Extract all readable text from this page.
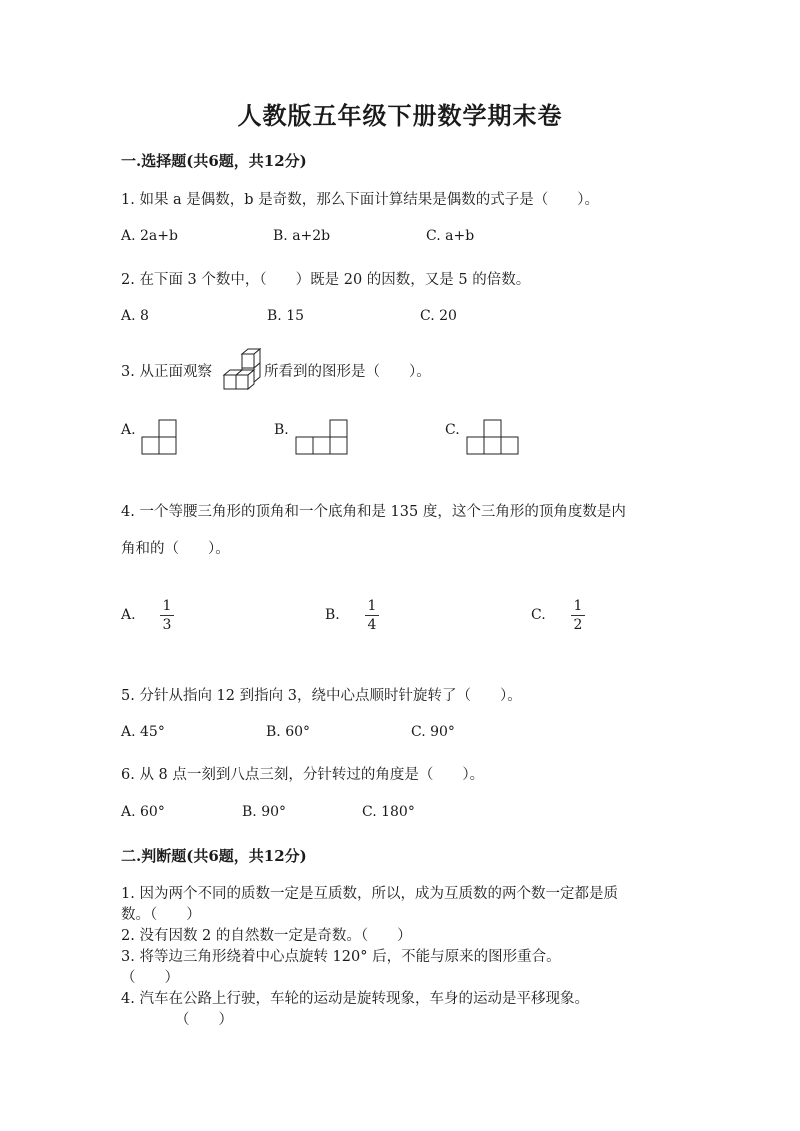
人教版五年级下册数学期末卷
一.选择题(共6题，共12分)
1. 如果 a 是偶数，b 是奇数，那么下面计算结果是偶数的式子是（　　）。
A. 2a+b	B. a+2b	C. a+b
2. 在下面 3 个数中，（　　）既是 20 的因数，又是 5 的倍数。
A. 8	B. 15	C. 20
3. 从正面观察	所看到的图形是（　　）。
A.	B.	C.
4. 一个等腰三角形的顶角和一个底角和是 135 度，这个三角形的顶角度数是内
角和的（　　）。
A.
1
3
B.
1
4
C.
1
2
5. 分针从指向 12 到指向 3，绕中心点顺时针旋转了（　　）。
A. 45°	B. 60°	C. 90°
6. 从 8 点一刻到八点三刻，分针转过的角度是（　　）。
A. 60°	B. 90°	C. 180°
二.判断题(共6题，共12分)
1. 因为两个不同的质数一定是互质数，所以，成为互质数的两个数一定都是质
数。（　　）
2. 没有因数 2 的自然数一定是奇数。（　　）
3. 将等边三角形绕着中心点旋转 120° 后，不能与原来的图形重合。
（　　）
4. 汽车在公路上行驶，车轮的运动是旋转现象，车身的运动是平移现象。
（　　）
